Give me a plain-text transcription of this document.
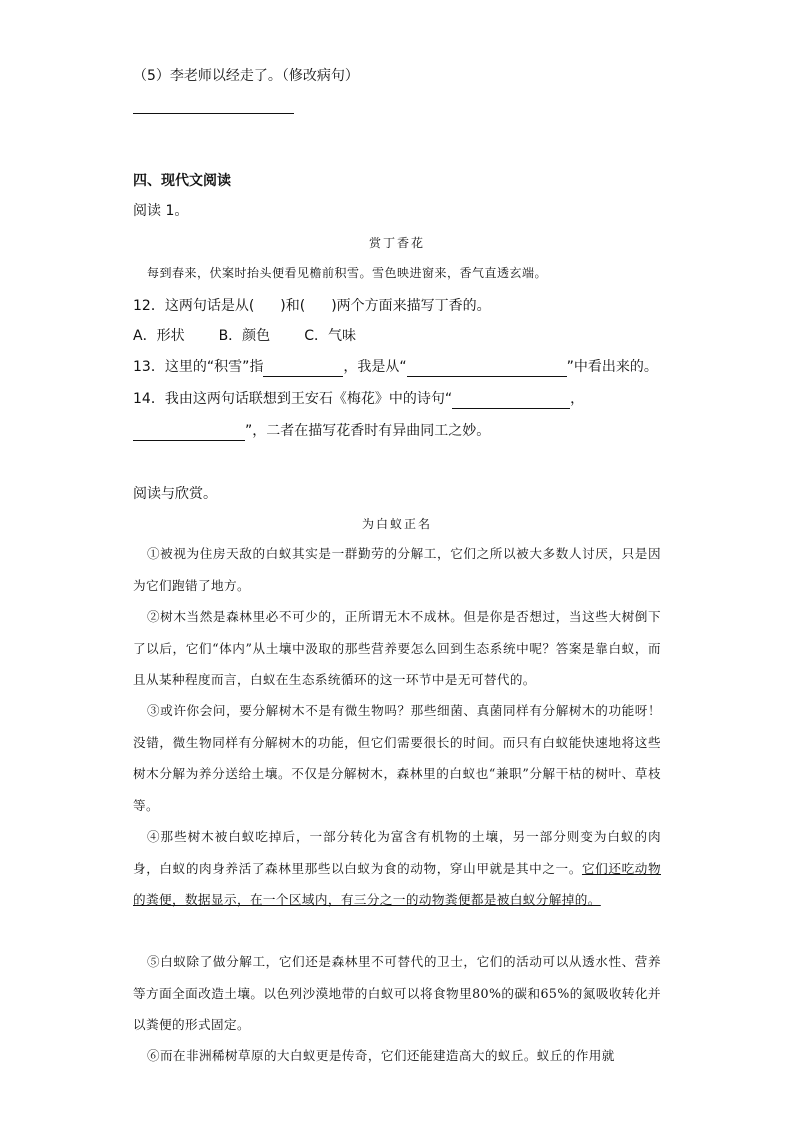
（5）李老师以经走了。（修改病句）
四、现代文阅读
阅读 1。
赏丁香花
每到春来，伏案时抬头便看见檐前积雪。雪色映进窗来，香气直透玄端。
12．这两句话是从( )和( )两个方面来描写丁香的。
A．形状 B．颜色 C．气味
13．这里的“积雪”指	，我是从“	”中看出来的。
14．我由这两句话联想到王安石《梅花》中的诗句“	，
”，二者在描写花香时有异曲同工之妙。
阅读与欣赏。
为白蚁正名
①被视为住房天敌的白蚁其实是一群勤劳的分解工，它们之所以被大多数人讨厌，只是因为它们跑错了地方。
②树木当然是森林里必不可少的，正所谓无木不成林。但是你是否想过，当这些大树倒下了以后，它们“体内”从土壤中汲取的那些营养要怎么回到生态系统中呢？答案是靠白蚁，而且从某种程度而言，白蚁在生态系统循环的这一环节中是无可替代的。
③或许你会问，要分解树木不是有微生物吗？那些细菌、真菌同样有分解树木的功能呀！没错，微生物同样有分解树木的功能，但它们需要很长的时间。而只有白蚁能快速地将这些树木分解为养分送给土壤。不仅是分解树木，森林里的白蚁也“兼职”分解干枯的树叶、草枝等。
④那些树木被白蚁吃掉后，一部分转化为富含有机物的土壤，另一部分则变为白蚁的肉身，白蚁的肉身养活了森林里那些以白蚁为食的动物，穿山甲就是其中之一。它们还吃动物的粪便，数据显示，在一个区域内，有三分之一的动物粪便都是被白蚁分解掉的。
⑤白蚁除了做分解工，它们还是森林里不可替代的卫士，它们的活动可以从透水性、营养等方面全面改造土壤。以色列沙漠地带的白蚁可以将食物里80%的碳和65%的氮吸收转化并以粪便的形式固定。
⑥而在非洲稀树草原的大白蚁更是传奇，它们还能建造高大的蚁丘。蚁丘的作用就
